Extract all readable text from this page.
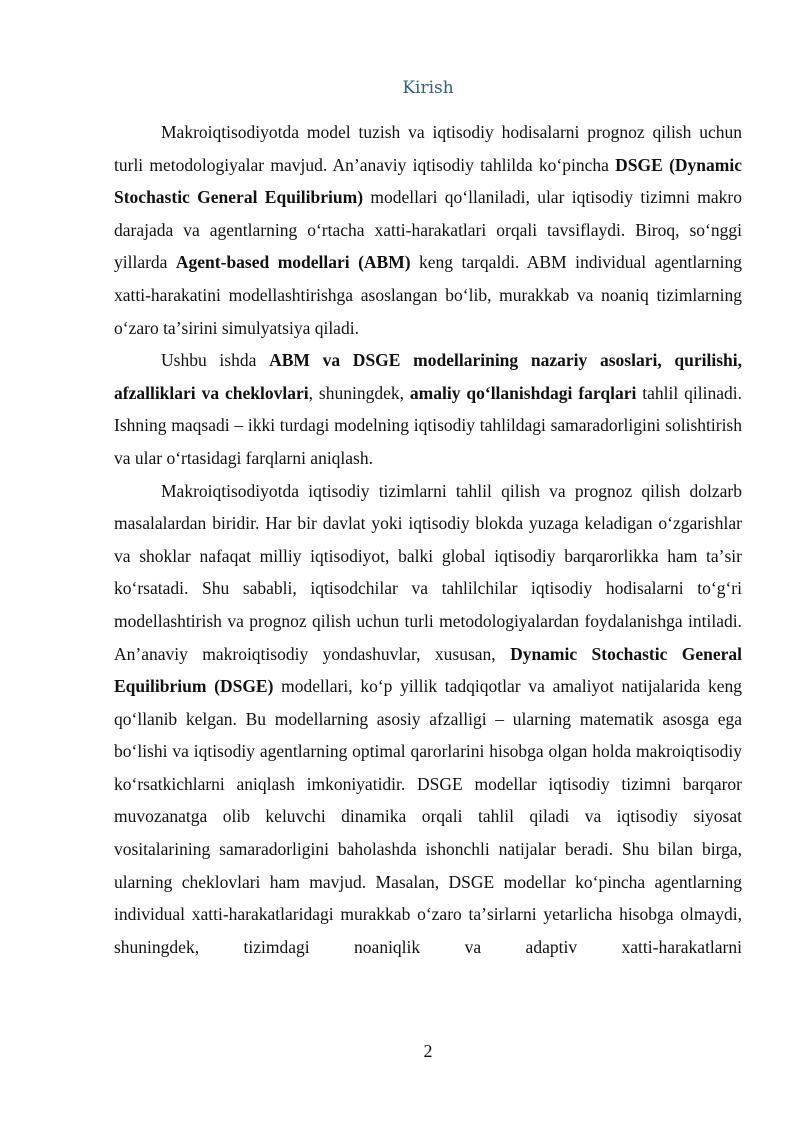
Kirish

Makroiqtisodiyotda model tuzish va iqtisodiy hodisalarni prognoz qilish uchun turli metodologiyalar mavjud. An’anaviy iqtisodiy tahlilda koʻpincha DSGE (Dynamic Stochastic General Equilibrium) modellari qoʻllaniladi, ular iqtisodiy tizimni makro darajada va agentlarning oʻrtacha xatti-harakatlari orqali tavsiflaydi. Biroq, soʻnggi yillarda Agent-based modellari (ABM) keng tarqaldi. ABM individual agentlarning xatti-harakatini modellashtirishga asoslangan boʻlib, murakkab va noaniq tizimlarning oʻzaro taʼsirini simulyatsiya qiladi.

Ushbu ishda ABM va DSGE modellarining nazariy asoslari, qurilishi, afzalliklari va cheklovlari, shuningdek, amaliy qoʻllanishdagi farqlari tahlil qilinadi. Ishning maqsadi – ikki turdagi modelning iqtisodiy tahlildagi samaradorligini solishtirish va ular oʻrtasidagi farqlarni aniqlash.

Makroiqtisodiyotda iqtisodiy tizimlarni tahlil qilish va prognoz qilish dolzarb masalalardan biridir. Har bir davlat yoki iqtisodiy blokda yuzaga keladigan oʻzgarishlar va shoklar nafaqat milliy iqtisodiyot, balki global iqtisodiy barqarorlikka ham taʼsir koʻrsatadi. Shu sababli, iqtisodchilar va tahlilchilar iqtisodiy hodisalarni toʻgʻri modellashtirish va prognoz qilish uchun turli metodologiyalardan foydalanishga intiladi. An’anaviy makroiqtisodiy yondashuvlar, xususan, Dynamic Stochastic General Equilibrium (DSGE) modellari, koʻp yillik tadqiqotlar va amaliyot natijalarida keng qoʻllanib kelgan. Bu modellarning asosiy afzalligi – ularning matematik asosga ega boʻlishi va iqtisodiy agentlarning optimal qarorlarini hisobga olgan holda makroiqtisodiy koʻrsatkichlarni aniqlash imkoniyatidir. DSGE modellar iqtisodiy tizimni barqaror muvozanatga olib keluvchi dinamika orqali tahlil qiladi va iqtisodiy siyosat vositalarining samaradorligini baholashda ishonchli natijalar beradi. Shu bilan birga, ularning cheklovlari ham mavjud. Masalan, DSGE modellar koʻpincha agentlarning individual xatti-harakatlaridagi murakkab oʻzaro taʼsirlarni yetarlicha hisobga olmaydi, shuningdek, tizimdagi noaniqlik va adaptiv xatti-harakatlarni

2
